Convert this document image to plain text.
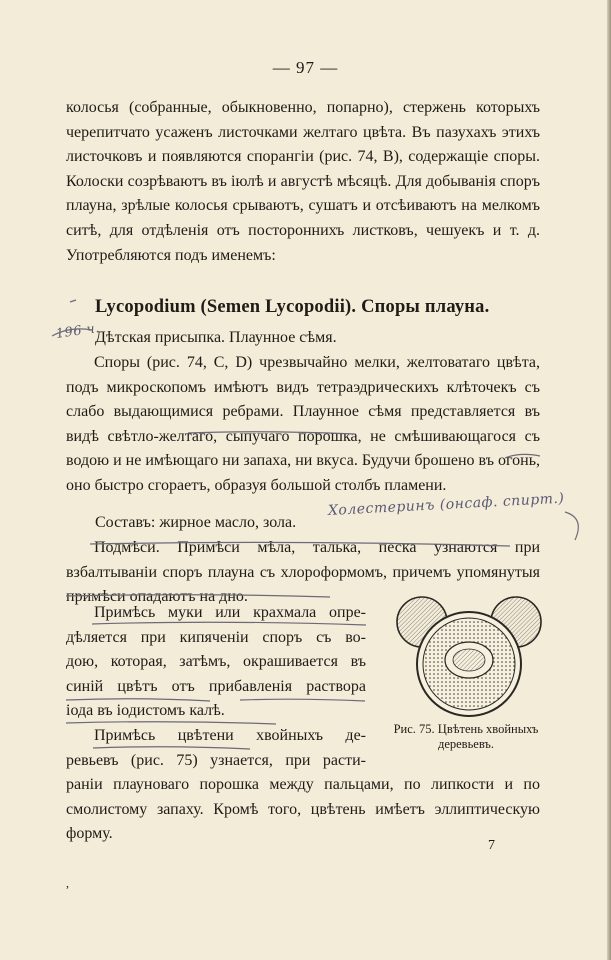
— 97 —
колосья (собранные, обыкновенно, попарно), стержень которыхъ черепитчато усаженъ листочками желтаго цвѣта. Въ пазухахъ этихъ листочковъ и появляются спорангіи (рис. 74, B), содержащіе споры. Колоски созрѣваютъ въ іюлѣ и августѣ мѣсяцѣ. Для добыванія споръ плауна, зрѣлые колосья срываютъ, сушатъ и отсѣиваютъ на мелкомъ ситѣ, для отдѣленія отъ постороннихъ листковъ, чешуекъ и т. д. Употребляются подъ именемъ:
Lycopodium (Semen Lycopodii). Споры плауна.
Дѣтская присыпка. Плаунное сѣмя.
Споры (рис. 74, C, D) чрезвычайно мелки, желтоватаго цвѣта, подъ микроскопомъ имѣютъ видъ тетраэдрическихъ клѣточекъ съ слабо выдающимися ребрами. Плаунное сѣмя представляется въ видѣ свѣтло-желтаго, сыпучаго порошка, не смѣшивающагося съ водою и не имѣющаго ни запаха, ни вкуса. Будучи брошено въ огонь, оно быстро сгораетъ, образуя большой столбъ пламени.
Составъ: жирное масло, зола.
Подмѣси. Примѣси мѣла, талька, песка узнаются при взбалтываніи споръ плауна съ хлороформомъ, причемъ упомянутыя примѣси опадаютъ на дно.
Примѣсь муки или крахмала опре-
дѣляется при кипяченіи споръ съ во-
дою, которая, затѣмъ, окрашивается въ
синій цвѣтъ отъ прибавленія раствора
іода въ іодистомъ калѣ.
Примѣсь цвѣтени хвойныхъ де-
ревьевъ (рис. 75) узнается, при расти-
раніи плауноваго порошка между пальцами, по липкости и по смолистому запаху. Кромѣ того, цвѣтень имѣетъ эллиптическую форму.
Рис. 75. Цвѣтень хвойныхъ деревьевъ.
7
,
Холестеринъ (онсаф. спирт.)
196 ч.
